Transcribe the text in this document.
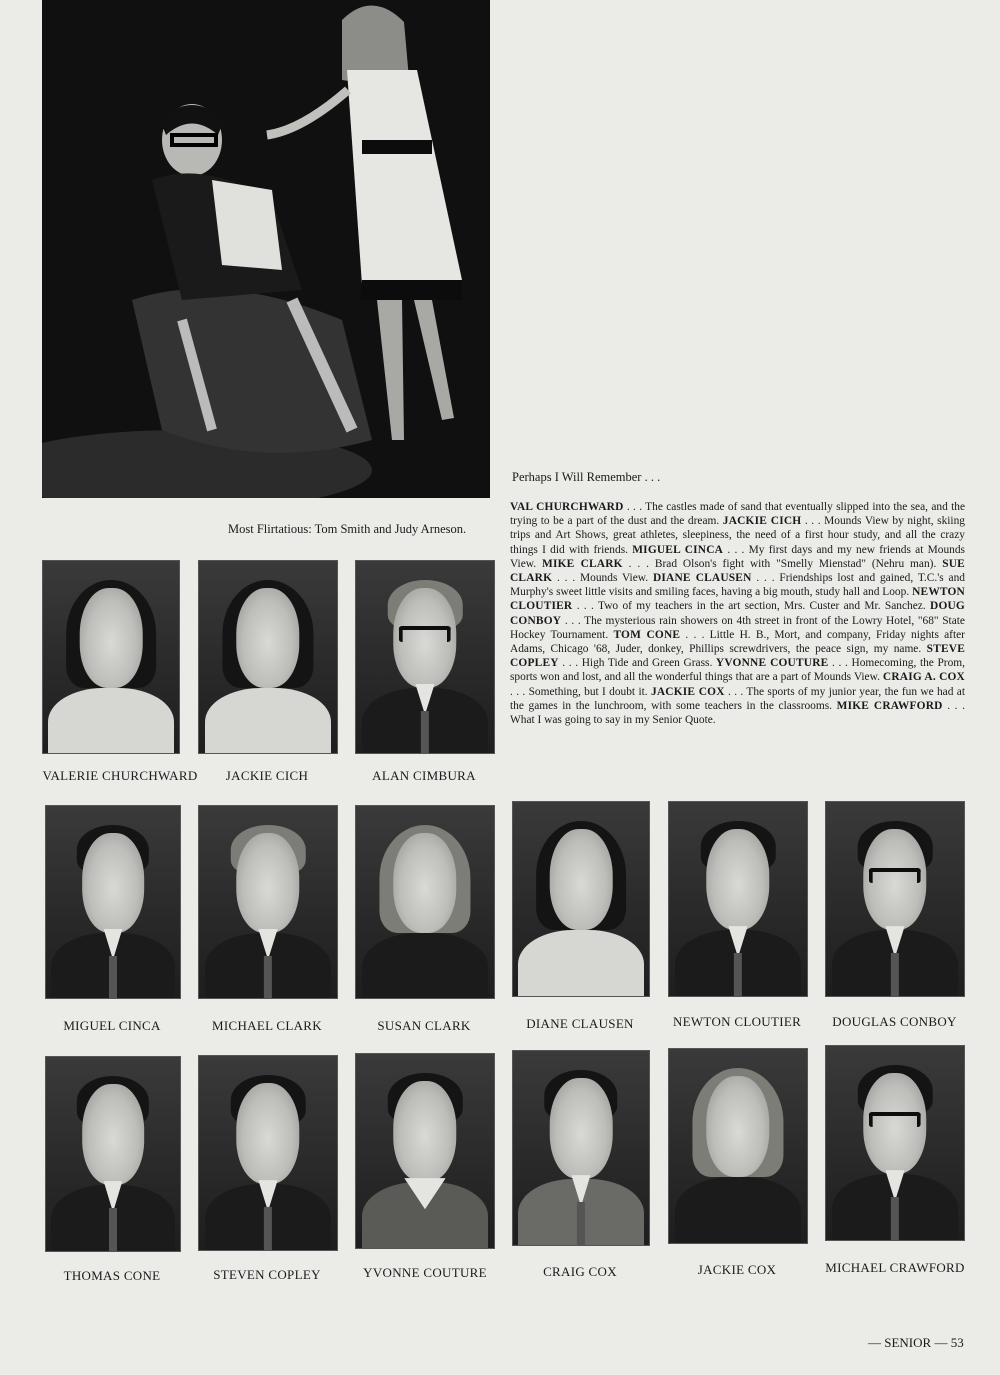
Most Flirtatious: Tom Smith and Judy Arneson.
Perhaps I Will Remember . . .
VAL CHURCHWARD . . . The castles made of sand that eventually slipped into the sea, and the trying to be a part of the dust and the dream. JACKIE CICH . . . Mounds View by night, skiing trips and Art Shows, great athletes, sleepiness, the need of a first hour study, and all the crazy things I did with friends. MIGUEL CINCA . . . My first days and my new friends at Mounds View. MIKE CLARK . . . Brad Olson's fight with "Smelly Mienstad" (Nehru man). SUE CLARK . . . Mounds View. DIANE CLAUSEN . . . Friendships lost and gained, T.C.'s and Murphy's sweet little visits and smiling faces, having a big mouth, study hall and Loop. NEWTON CLOUTIER . . . Two of my teachers in the art section, Mrs. Custer and Mr. Sanchez. DOUG CONBOY . . . The mysterious rain showers on 4th street in front of the Lowry Hotel, "68" State Hockey Tournament. TOM CONE . . . Little H. B., Mort, and company, Friday nights after Adams, Chicago '68, Juder, donkey, Phillips screwdrivers, the peace sign, my name. STEVE COPLEY . . . High Tide and Green Grass. YVONNE COUTURE . . . Homecoming, the Prom, sports won and lost, and all the wonderful things that are a part of Mounds View. CRAIG A. COX . . . Something, but I doubt it. JACKIE COX . . . The sports of my junior year, the fun we had at the games in the lunchroom, with some teachers in the classrooms. MIKE CRAWFORD . . . What I was going to say in my Senior Quote.
VALERIE CHURCHWARD	JACKIE CICH	ALAN CIMBURA
MIGUEL CINCA	MICHAEL CLARK	SUSAN CLARK	DIANE CLAUSEN	NEWTON CLOUTIER	DOUGLAS CONBOY
THOMAS CONE	STEVEN COPLEY	YVONNE COUTURE	CRAIG COX	JACKIE COX	MICHAEL CRAWFORD
— SENIOR — 53
